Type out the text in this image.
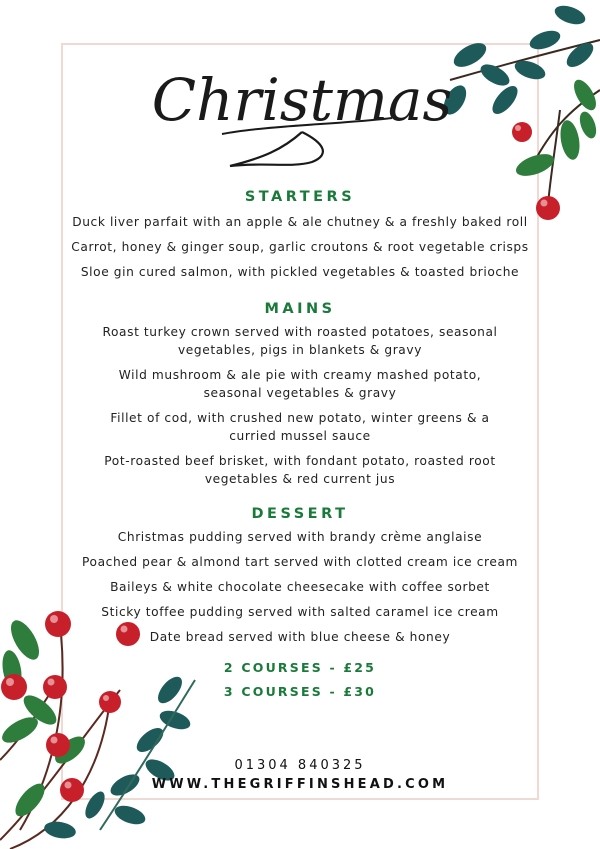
Christmas
STARTERS
Duck liver parfait with an apple & ale chutney & a freshly baked roll
Carrot, honey & ginger soup, garlic croutons & root vegetable crisps
Sloe gin cured salmon, with pickled vegetables & toasted brioche
MAINS
Roast turkey crown served with roasted potatoes, seasonal vegetables, pigs in blankets & gravy
Wild mushroom & ale pie with creamy mashed potato, seasonal vegetables & gravy
Fillet of cod, with crushed new potato, winter greens & a curried mussel sauce
Pot-roasted beef brisket, with fondant potato, roasted root vegetables & red current jus
DESSERT
Christmas pudding served with brandy crème anglaise
Poached pear & almond tart served with clotted cream ice cream
Baileys & white chocolate cheesecake with coffee sorbet
Sticky toffee pudding served with salted caramel ice cream
Date bread served with blue cheese & honey
2 COURSES - £25
3 COURSES - £30
01304 840325
WWW.THEGRIFFINSHEAD.COM
